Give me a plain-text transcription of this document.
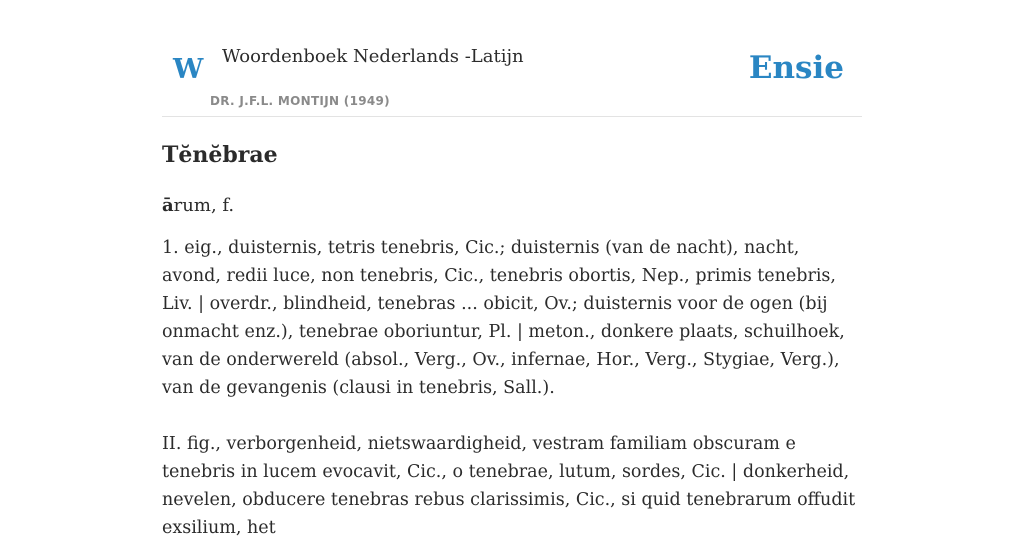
W Woordenboek Nederlands -Latijn
DR. J.F.L. MONTIJN (1949)
Ensie
Tĕnĕbrae
ārum, f.

1. eig., duisternis, tetris tenebris, Cic.; duisternis (van de nacht), nacht, avond, redii luce, non tenebris, Cic., tenebris obortis, Nep., primis tenebris, Liv. | overdr., blindheid, tenebras ... obicit, Ov.; duisternis voor de ogen (bij onmacht enz.), tenebrae oboriuntur, Pl. | meton., donkere plaats, schuilhoek, van de onderwereld (absol., Verg., Ov., infernae, Hor., Verg., Stygiae, Verg.), van de gevangenis (clausi in tenebris, Sall.).

II. fig., verborgenheid, nietswaardigheid, vestram familiam obscuram e tenebris in lucem evocavit, Cic., o tenebrae, lutum, sordes, Cic. | donkerheid, nevelen, obducere tenebras rebus clarissimis, Cic., si quid tenebrarum offudit exsilium, het
